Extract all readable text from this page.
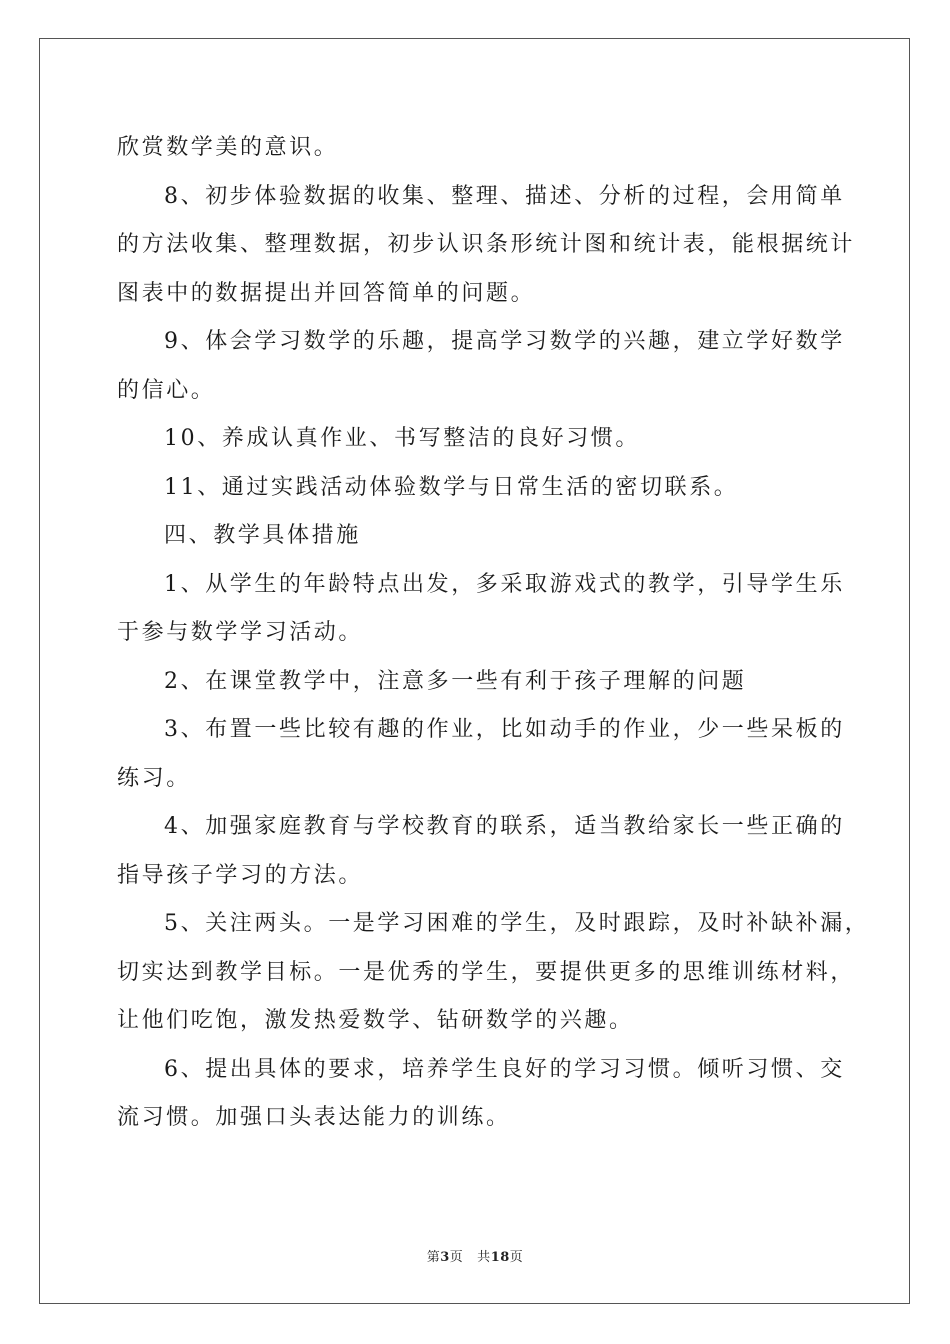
欣赏数学美的意识。
8、初步体验数据的收集、整理、描述、分析的过程，会用简单
的方法收集、整理数据，初步认识条形统计图和统计表，能根据统计
图表中的数据提出并回答简单的问题。
9、体会学习数学的乐趣，提高学习数学的兴趣，建立学好数学
的信心。
10、养成认真作业、书写整洁的良好习惯。
11、通过实践活动体验数学与日常生活的密切联系。
四、教学具体措施
1、从学生的年龄特点出发，多采取游戏式的教学，引导学生乐
于参与数学学习活动。
2、在课堂教学中，注意多一些有利于孩子理解的问题
3、布置一些比较有趣的作业，比如动手的作业，少一些呆板的
练习。
4、加强家庭教育与学校教育的联系，适当教给家长一些正确的
指导孩子学习的方法。
5、关注两头。一是学习困难的学生，及时跟踪，及时补缺补漏，
切实达到教学目标。一是优秀的学生，要提供更多的思维训练材料，
让他们吃饱，激发热爱数学、钻研数学的兴趣。
6、提出具体的要求，培养学生良好的学习习惯。倾听习惯、交
流习惯。加强口头表达能力的训练。
第3页 共18页
